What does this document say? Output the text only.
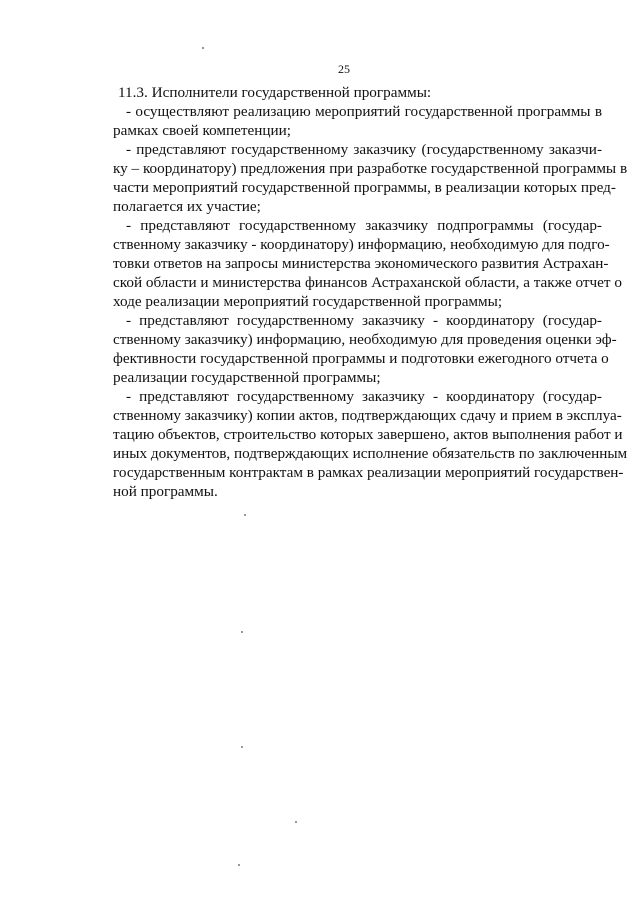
25
11.3. Исполнители государственной программы:
- осуществляют реализацию мероприятий государственной программы в
рамках своей компетенции;
- представляют государственному заказчику (государственному заказчи-
ку – координатору) предложения при разработке государственной программы в
части мероприятий государственной программы, в реализации которых пред-
полагается их участие;
- представляют государственному заказчику подпрограммы (государ-
ственному заказчику - координатору) информацию, необходимую для подго-
товки ответов на запросы министерства экономического развития Астрахан-
ской области и министерства финансов Астраханской области, а также отчет о
ходе реализации мероприятий государственной программы;
- представляют государственному заказчику - координатору (государ-
ственному заказчику) информацию, необходимую для проведения оценки эф-
фективности государственной программы и подготовки ежегодного отчета о
реализации государственной программы;
- представляют государственному заказчику - координатору (государ-
ственному заказчику) копии актов, подтверждающих сдачу и прием в эксплуа-
тацию объектов, строительство которых завершено, актов выполнения работ и
иных документов, подтверждающих исполнение обязательств по заключенным
государственным контрактам в рамках реализации мероприятий государствен-
ной программы.
